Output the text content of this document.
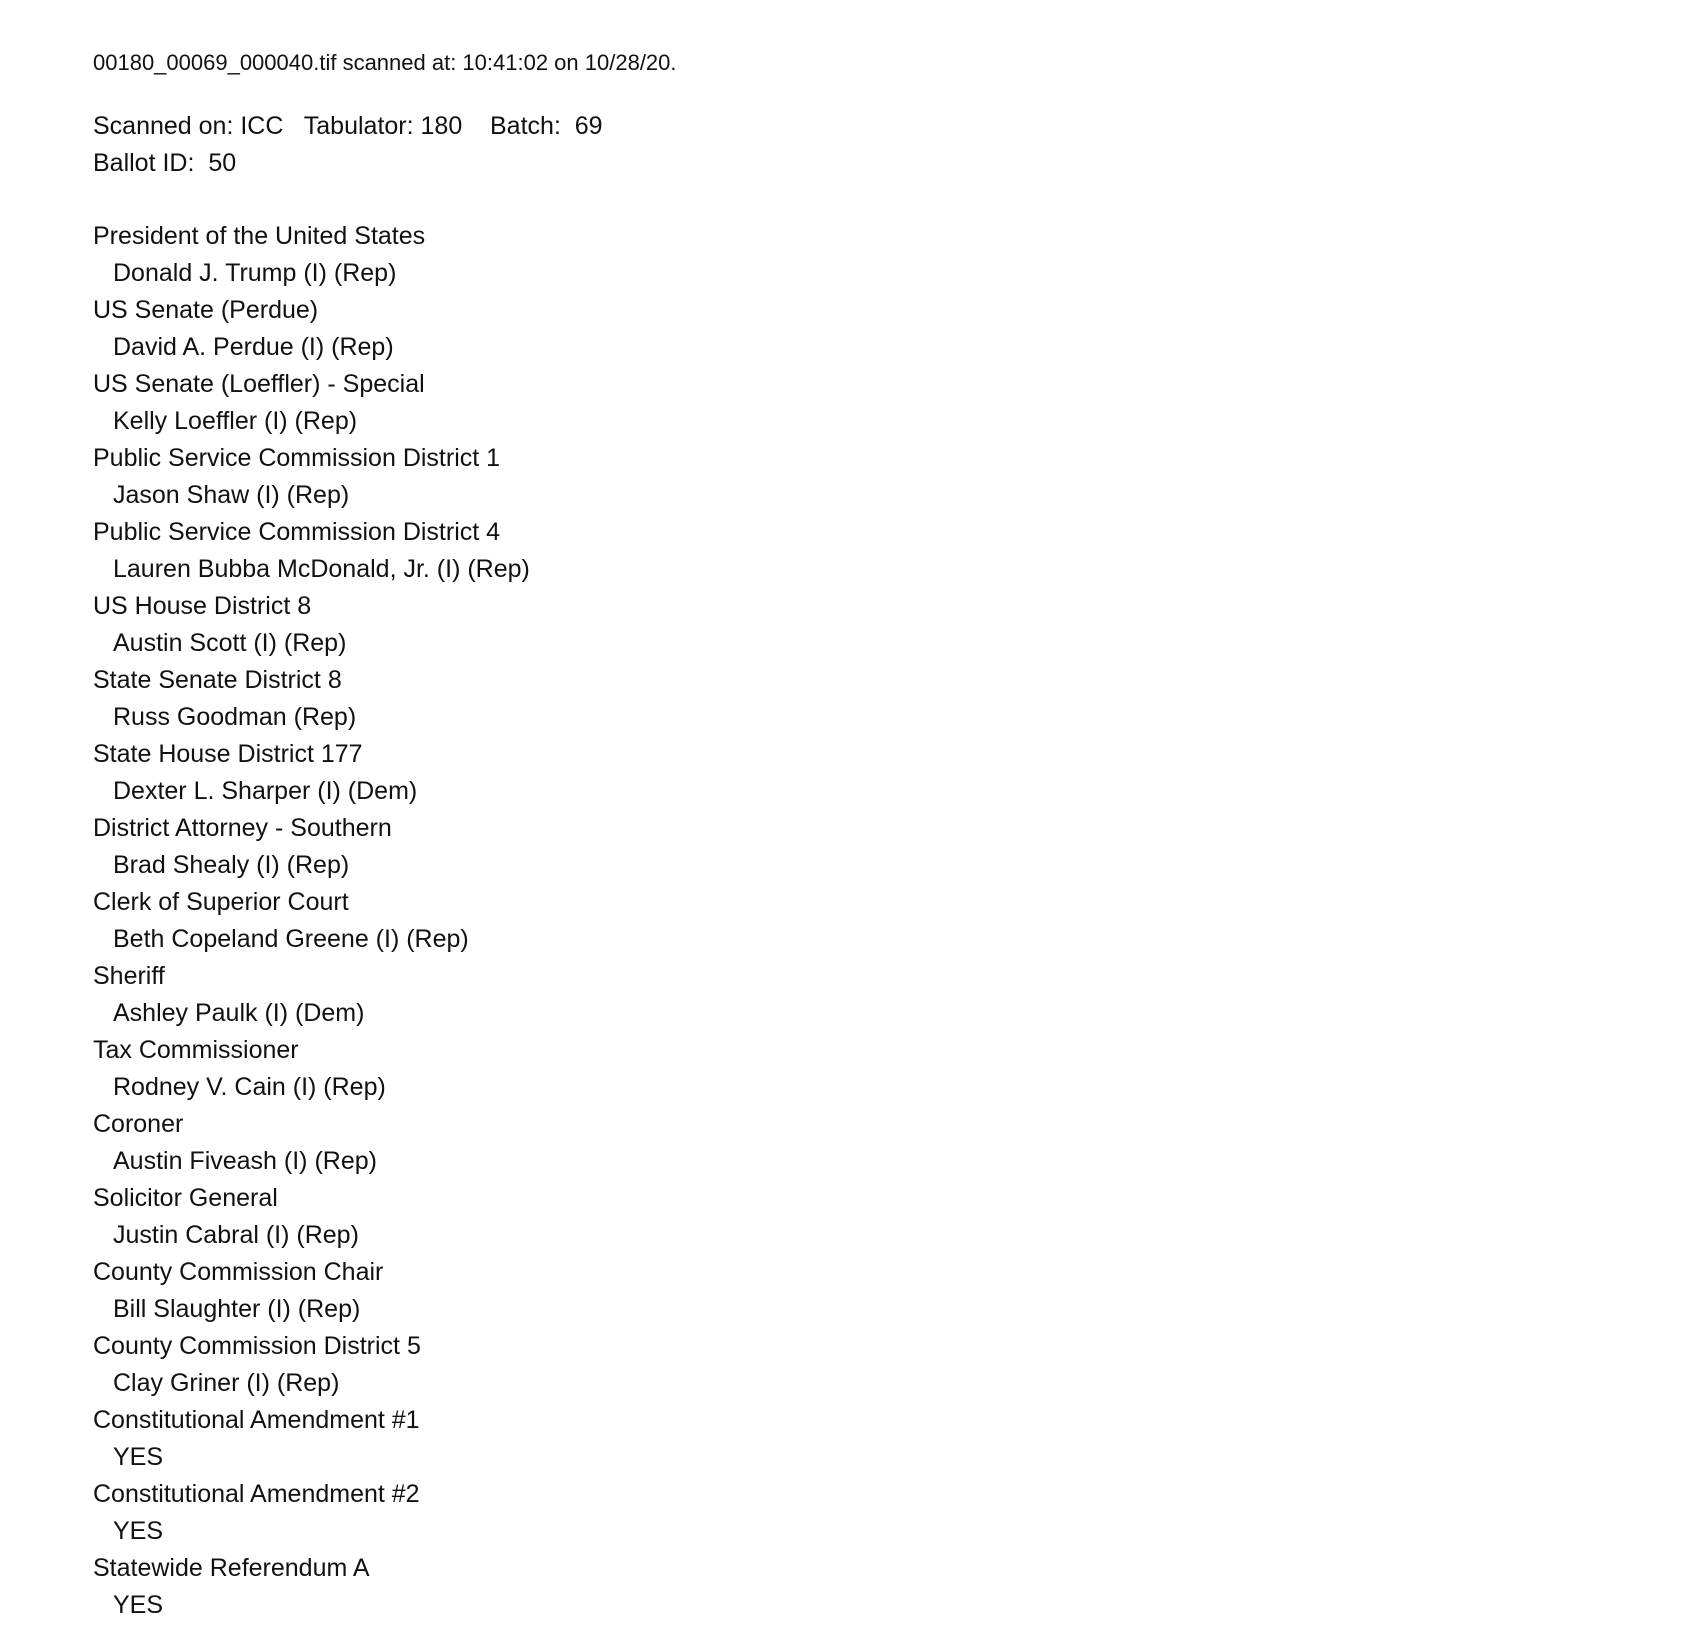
00180_00069_000040.tif scanned at: 10:41:02 on 10/28/20.
Scanned on: ICC   Tabulator: 180    Batch:  69
Ballot ID:  50
President of the United States
Donald J. Trump (I) (Rep)
US Senate (Perdue)
David A. Perdue (I) (Rep)
US Senate (Loeffler) - Special
Kelly Loeffler (I) (Rep)
Public Service Commission District 1
Jason Shaw (I) (Rep)
Public Service Commission District 4
Lauren Bubba McDonald, Jr. (I) (Rep)
US House District 8
Austin Scott (I) (Rep)
State Senate District 8
Russ Goodman (Rep)
State House District 177
Dexter L. Sharper (I) (Dem)
District Attorney - Southern
Brad Shealy (I) (Rep)
Clerk of Superior Court
Beth Copeland Greene (I) (Rep)
Sheriff
Ashley Paulk (I) (Dem)
Tax Commissioner
Rodney V. Cain (I) (Rep)
Coroner
Austin Fiveash (I) (Rep)
Solicitor General
Justin Cabral (I) (Rep)
County Commission Chair
Bill Slaughter (I) (Rep)
County Commission District 5
Clay Griner (I) (Rep)
Constitutional Amendment #1
YES
Constitutional Amendment #2
YES
Statewide Referendum A
YES
